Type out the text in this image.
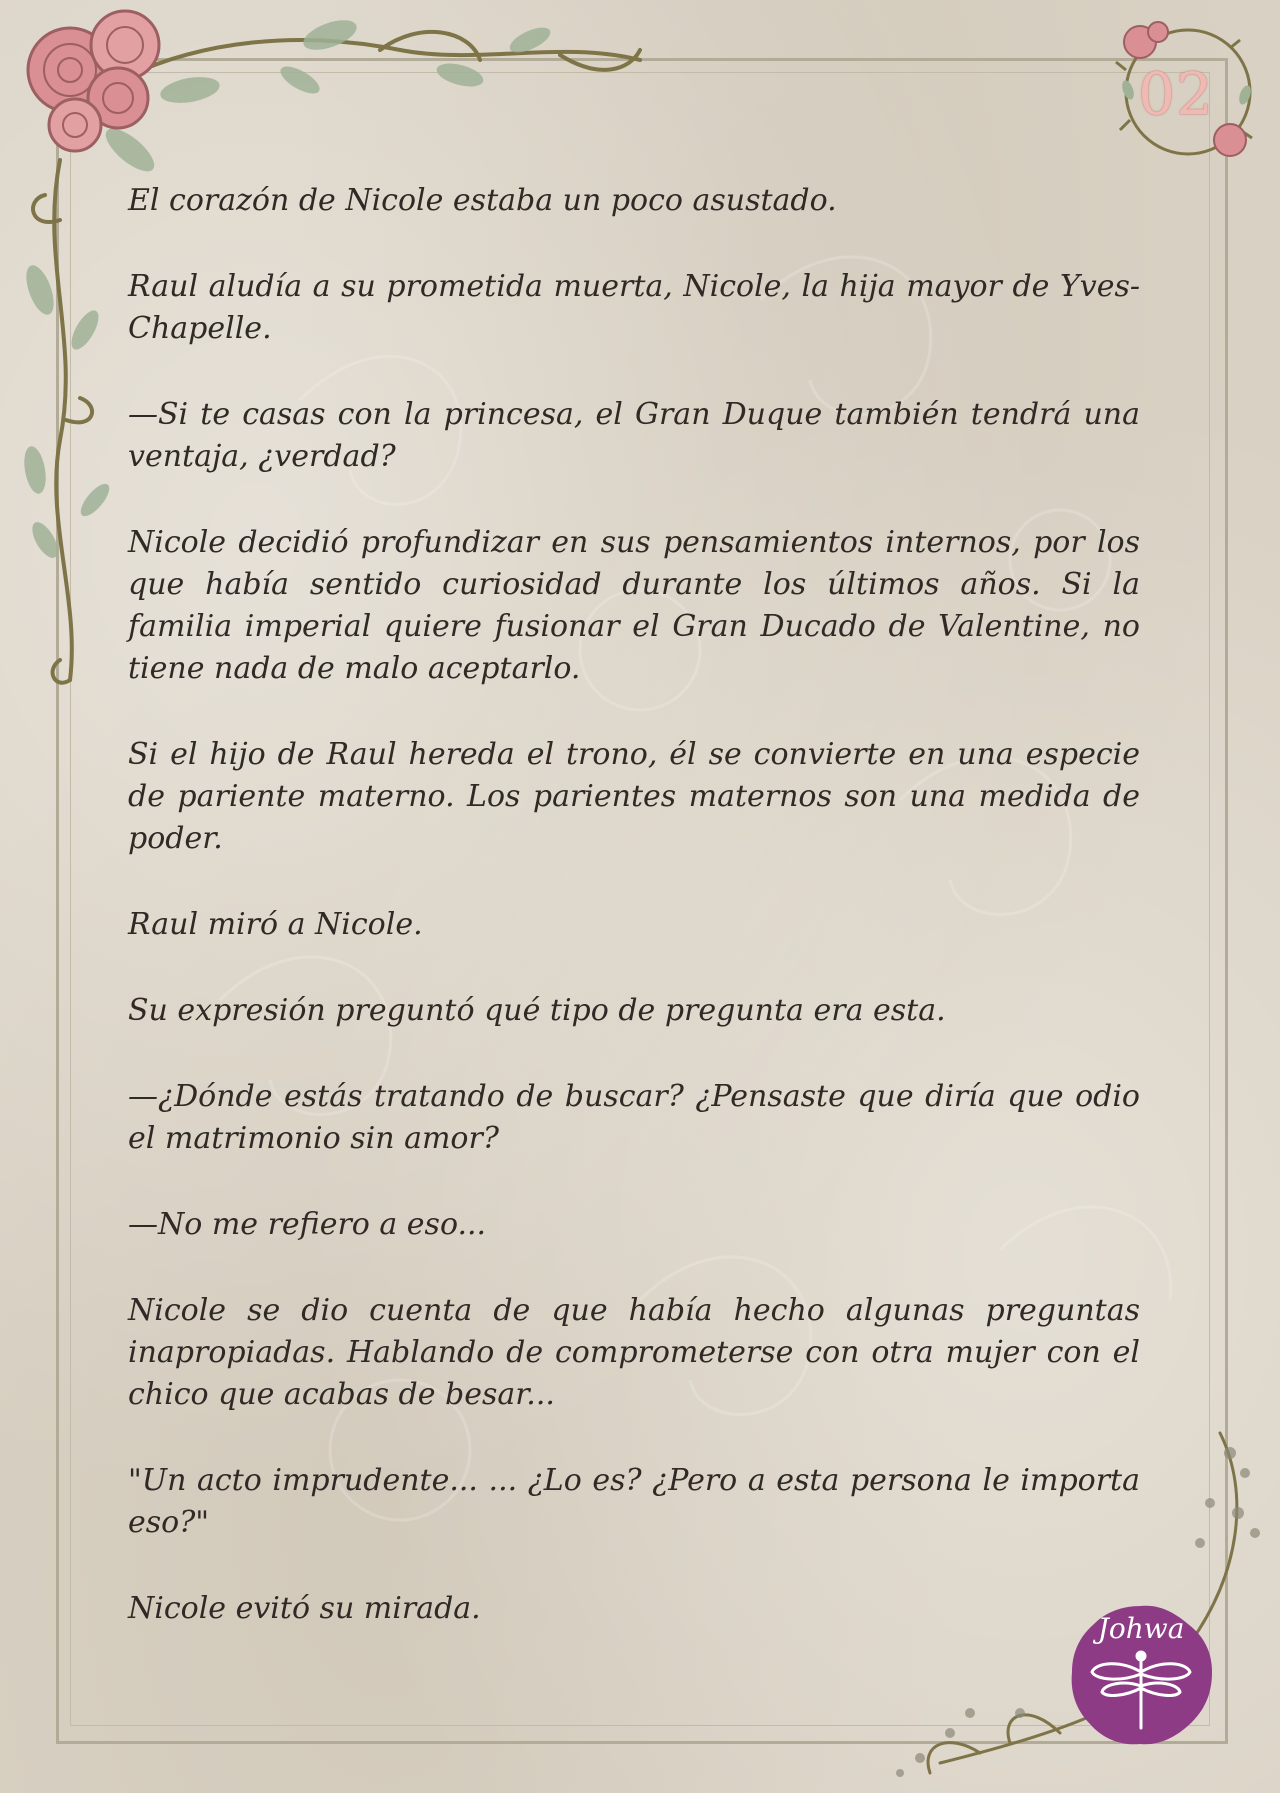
02
Johwa

El corazón de Nicole estaba un poco asustado.

Raul aludía a su prometida muerta, Nicole, la hija mayor de Yves-Chapelle.

—Si te casas con la princesa, el Gran Duque también tendrá una ventaja, ¿verdad?

Nicole decidió profundizar en sus pensamientos internos, por los que había sentido curiosidad durante los últimos años. Si la familia imperial quiere fusionar el Gran Ducado de Valentine, no tiene nada de malo aceptarlo.

Si el hijo de Raul hereda el trono, él se convierte en una especie de pariente materno. Los parientes maternos son una medida de poder.

Raul miró a Nicole.

Su expresión preguntó qué tipo de pregunta era esta.

—¿Dónde estás tratando de buscar? ¿Pensaste que diría que odio el matrimonio sin amor?

—No me refiero a eso...

Nicole se dio cuenta de que había hecho algunas preguntas inapropiadas. Hablando de comprometerse con otra mujer con el chico que acabas de besar...

"Un acto imprudente... ... ¿Lo es? ¿Pero a esta persona le importa eso?"

Nicole evitó su mirada.
